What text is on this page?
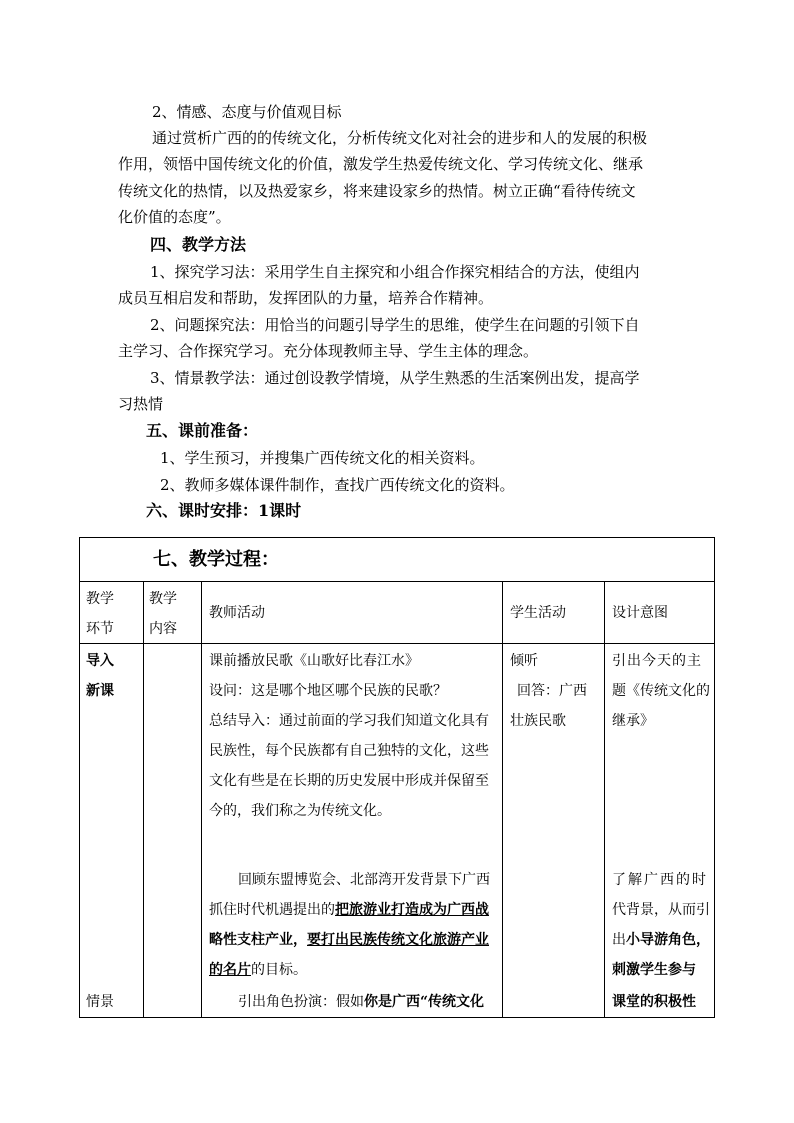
2、情感、态度与价值观目标
通过赏析广西的的传统文化，分析传统文化对社会的进步和人的发展的积极
作用，领悟中国传统文化的价值，激发学生热爱传统文化、学习传统文化、继承
传统文化的热情，以及热爱家乡，将来建设家乡的热情。树立正确“看待传统文
化价值的态度”。
四、教学方法
1、探究学习法：采用学生自主探究和小组合作探究相结合的方法，使组内
成员互相启发和帮助，发挥团队的力量，培养合作精神。
2、问题探究法：用恰当的问题引导学生的思维，使学生在问题的引领下自
主学习、合作探究学习。充分体现教师主导、学生主体的理念。
3、情景教学法：通过创设教学情境，从学生熟悉的生活案例出发，提高学
习热情
五、课前准备：
1、学生预习，并搜集广西传统文化的相关资料。
2、教师多媒体课件制作，查找广西传统文化的资料。
六、课时安排：1课时
七、教学过程：
教学
环节
教学
内容
教师活动	学生活动	设计意图
导入
新课
情景
课前播放民歌《山歌好比春江水》
设问：这是哪个地区哪个民族的民歌？
总结导入：通过前面的学习我们知道文化具有
民族性，每个民族都有自己独特的文化，这些
文化有些是在长期的历史发展中形成并保留至
今的，我们称之为传统文化。
回顾东盟博览会、北部湾开发背景下广西
抓住时代机遇提出的把旅游业打造成为广西战
略性支柱产业，要打出民族传统文化旅游产业
的名片的目标。
引出角色扮演：假如你是广西“传统文化
倾听
回答：广西
壮族民歌
引出今天的主
题《传统文化的
继承》
了解广西的时
代背景，从而引
出小导游角色，
刺激学生参与
课堂的积极性
